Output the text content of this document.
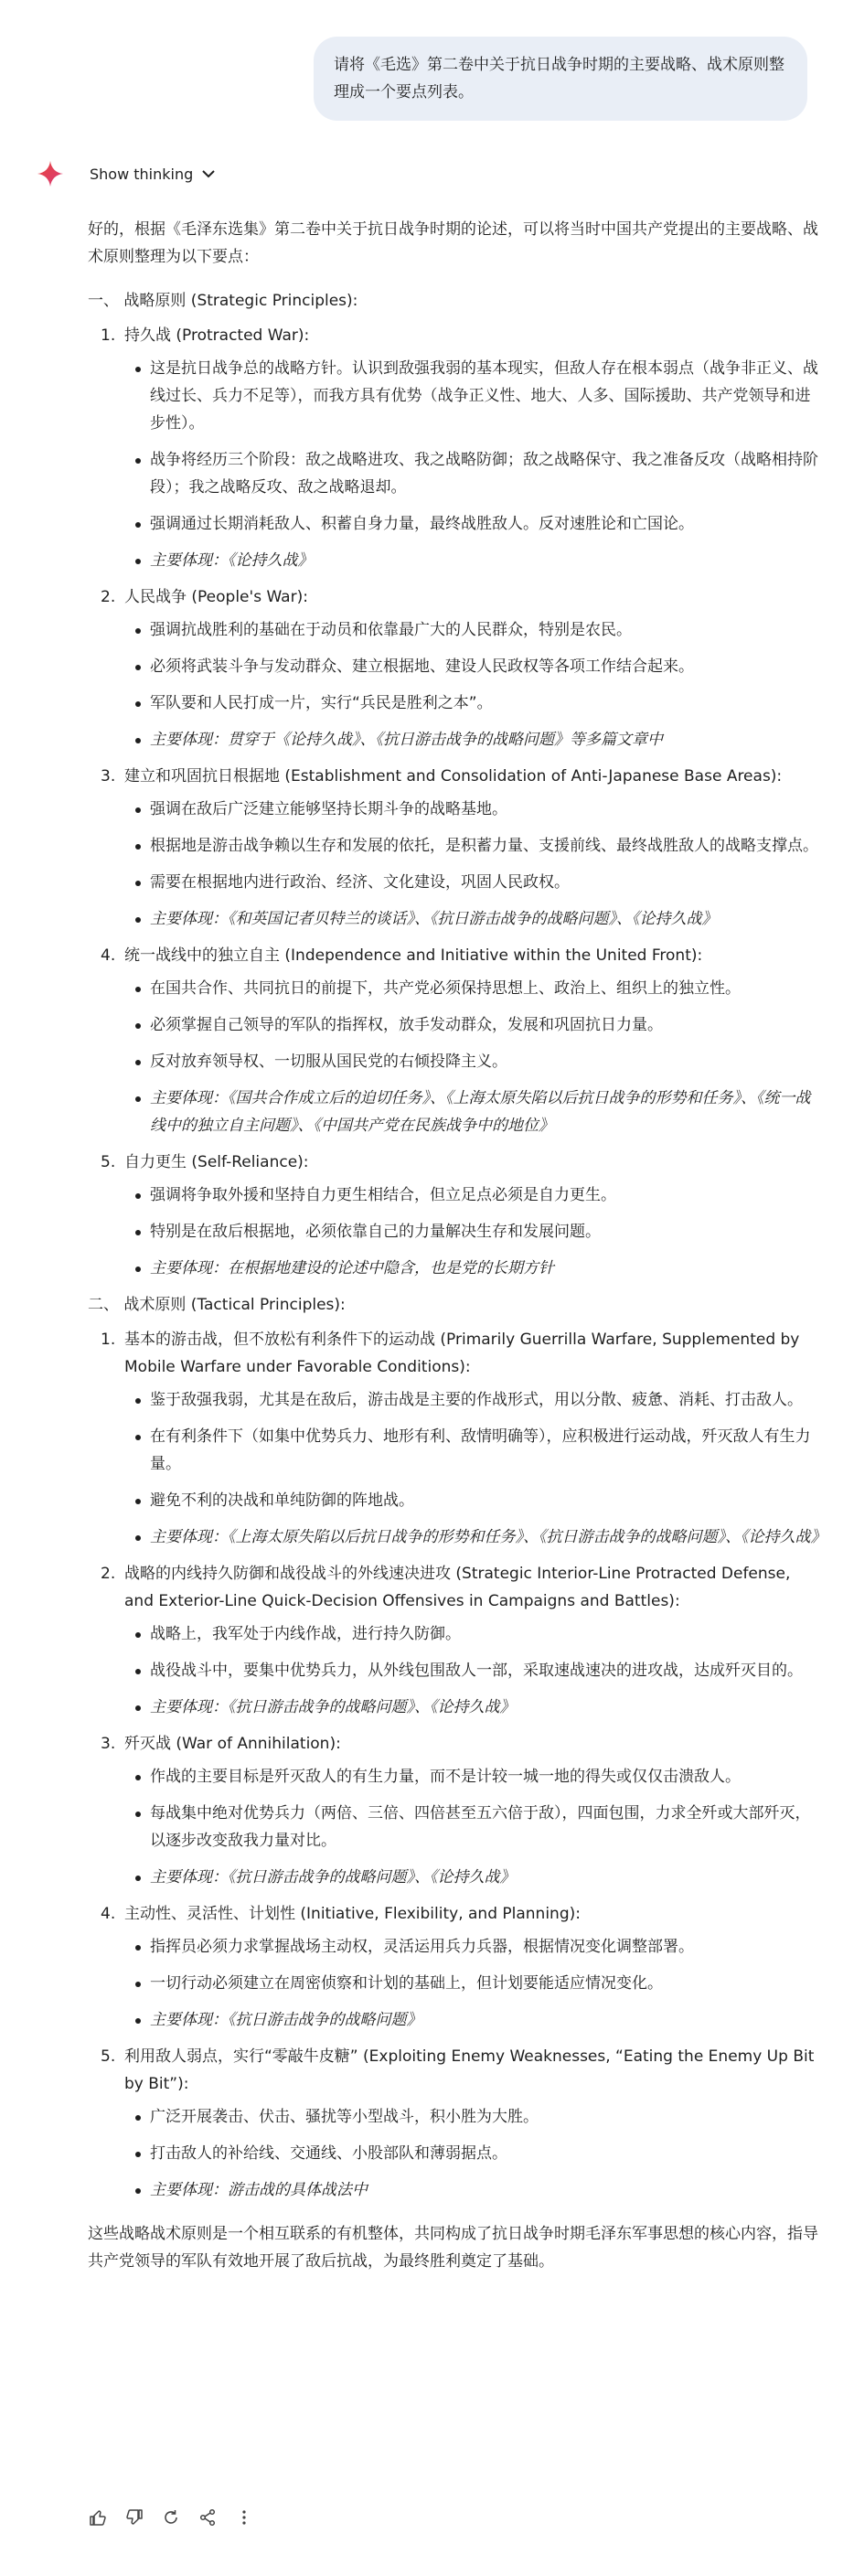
请将《毛选》第二卷中关于抗日战争时期的主要战略、战术原则整理成一个要点列表。
Show thinking

好的，根据《毛泽东选集》第二卷中关于抗日战争时期的论述，可以将当时中国共产党提出的主要战略、战术原则整理为以下要点：

一、 战略原则 (Strategic Principles):
1. 持久战 (Protracted War):
这是抗日战争总的战略方针。认识到敌强我弱的基本现实，但敌人存在根本弱点（战争非正义、战线过长、兵力不足等），而我方具有优势（战争正义性、地大、人多、国际援助、共产党领导和进步性）。
战争将经历三个阶段：敌之战略进攻、我之战略防御；敌之战略保守、我之准备反攻（战略相持阶段）；我之战略反攻、敌之战略退却。
强调通过长期消耗敌人、积蓄自身力量，最终战胜敌人。反对速胜论和亡国论。
主要体现：《论持久战》
2. 人民战争 (People's War):
强调抗战胜利的基础在于动员和依靠最广大的人民群众，特别是农民。
必须将武装斗争与发动群众、建立根据地、建设人民政权等各项工作结合起来。
军队要和人民打成一片，实行“兵民是胜利之本”。
主要体现：贯穿于《论持久战》、《抗日游击战争的战略问题》等多篇文章中
3. 建立和巩固抗日根据地 (Establishment and Consolidation of Anti-Japanese Base Areas):
强调在敌后广泛建立能够坚持长期斗争的战略基地。
根据地是游击战争赖以生存和发展的依托，是积蓄力量、支援前线、最终战胜敌人的战略支撑点。
需要在根据地内进行政治、经济、文化建设，巩固人民政权。
主要体现：《和英国记者贝特兰的谈话》、《抗日游击战争的战略问题》、《论持久战》
4. 统一战线中的独立自主 (Independence and Initiative within the United Front):
在国共合作、共同抗日的前提下，共产党必须保持思想上、政治上、组织上的独立性。
必须掌握自己领导的军队的指挥权，放手发动群众，发展和巩固抗日力量。
反对放弃领导权、一切服从国民党的右倾投降主义。
主要体现：《国共合作成立后的迫切任务》、《上海太原失陷以后抗日战争的形势和任务》、《统一战线中的独立自主问题》、《中国共产党在民族战争中的地位》
5. 自力更生 (Self-Reliance):
强调将争取外援和坚持自力更生相结合，但立足点必须是自力更生。
特别是在敌后根据地，必须依靠自己的力量解决生存和发展问题。
主要体现：在根据地建设的论述中隐含，也是党的长期方针
二、 战术原则 (Tactical Principles):
1. 基本的游击战，但不放松有利条件下的运动战 (Primarily Guerrilla Warfare, Supplemented by Mobile Warfare under Favorable Conditions):
鉴于敌强我弱，尤其是在敌后，游击战是主要的作战形式，用以分散、疲惫、消耗、打击敌人。
在有利条件下（如集中优势兵力、地形有利、敌情明确等），应积极进行运动战，歼灭敌人有生力量。
避免不利的决战和单纯防御的阵地战。
主要体现：《上海太原失陷以后抗日战争的形势和任务》、《抗日游击战争的战略问题》、《论持久战》
2. 战略的内线持久防御和战役战斗的外线速决进攻 (Strategic Interior-Line Protracted Defense, and Exterior-Line Quick-Decision Offensives in Campaigns and Battles):
战略上，我军处于内线作战，进行持久防御。
战役战斗中，要集中优势兵力，从外线包围敌人一部，采取速战速决的进攻战，达成歼灭目的。
主要体现：《抗日游击战争的战略问题》、《论持久战》
3. 歼灭战 (War of Annihilation):
作战的主要目标是歼灭敌人的有生力量，而不是计较一城一地的得失或仅仅击溃敌人。
每战集中绝对优势兵力（两倍、三倍、四倍甚至五六倍于敌），四面包围，力求全歼或大部歼灭，以逐步改变敌我力量对比。
主要体现：《抗日游击战争的战略问题》、《论持久战》
4. 主动性、灵活性、计划性 (Initiative, Flexibility, and Planning):
指挥员必须力求掌握战场主动权，灵活运用兵力兵器，根据情况变化调整部署。
一切行动必须建立在周密侦察和计划的基础上，但计划要能适应情况变化。
主要体现：《抗日游击战争的战略问题》
5. 利用敌人弱点，实行“零敲牛皮糖” (Exploiting Enemy Weaknesses, “Eating the Enemy Up Bit by Bit”):
广泛开展袭击、伏击、骚扰等小型战斗，积小胜为大胜。
打击敌人的补给线、交通线、小股部队和薄弱据点。
主要体现：游击战的具体战法中

这些战略战术原则是一个相互联系的有机整体，共同构成了抗日战争时期毛泽东军事思想的核心内容，指导共产党领导的军队有效地开展了敌后抗战，为最终胜利奠定了基础。
